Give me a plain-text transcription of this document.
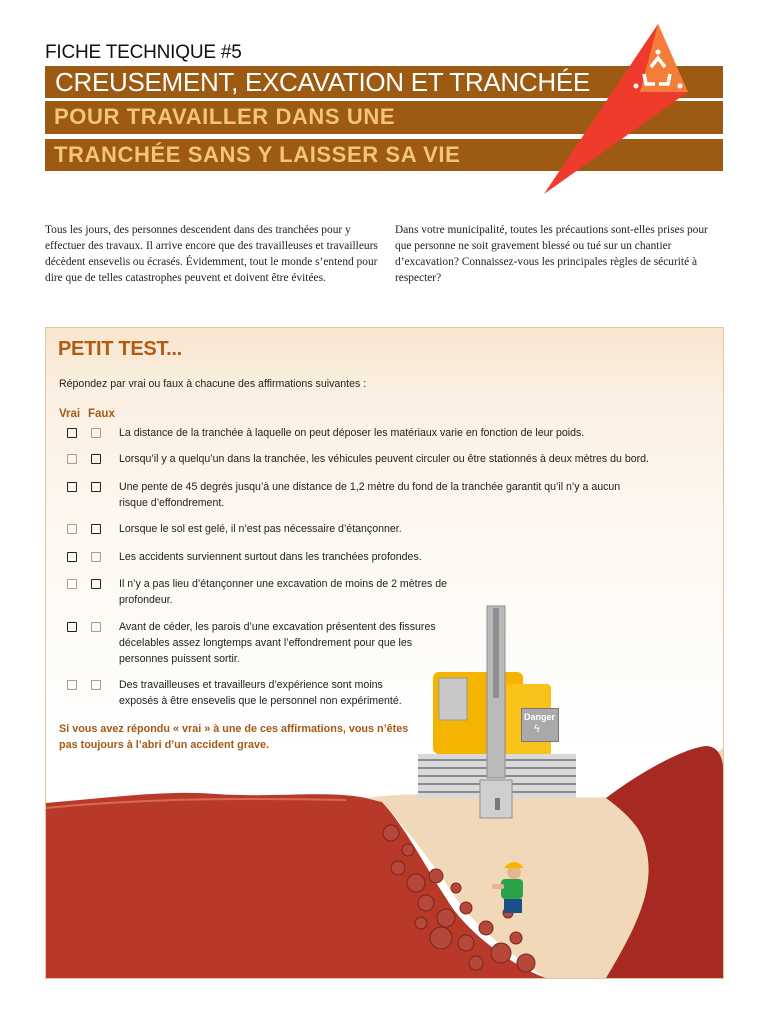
FICHE TECHNIQUE #5
CREUSEMENT, EXCAVATION ET TRANCHÉE
POUR TRAVAILLER DANS UNE
TRANCHÉE SANS Y LAISSER SA VIE
Tous les jours, des personnes descendent dans des tranchées pour y effectuer des travaux. Il arrive encore que des travailleuses et travailleurs décèdent ensevelis ou écrasés. Évidemment, tout le monde s’entend pour dire que de telles catastrophes peuvent et doivent être évitées.
Dans votre municipalité, toutes les précautions sont-elles prises pour que personne ne soit gravement blessé ou tué sur un chantier d’excavation? Connaissez-vous les principales règles de sécurité à respecter?
Danger
ϟ
PETIT TEST...
Répondez par vrai ou faux à chacune des affirmations suivantes :
Vrai Faux
La distance de la tranchée à laquelle on peut déposer les matériaux varie en fonction de leur poids.
Lorsqu’il y a quelqu’un dans la tranchée, les véhicules peuvent circuler ou être stationnés à deux mètres du bord.
Une pente de 45 degrés jusqu’à une distance de 1,2 mètre du fond de la tranchée garantit qu’il n’y a aucun risque d’effondrement.
Lorsque le sol est gelé, il n’est pas nécessaire d’étançonner.
Les accidents surviennent surtout dans les tranchées profondes.
Il n’y a pas lieu d’étançonner une excavation de moins de 2 mètres de profondeur.
Avant de céder, les parois d’une excavation présentent des fissures décelables assez longtemps avant l’effondrement pour que les personnes puissent sortir.
Des travailleuses et travailleurs d’expérience sont moins exposés à être ensevelis que le personnel non expérimenté.
Si vous avez répondu « vrai » à une de ces affirmations, vous n’êtes pas toujours à l’abri d’un accident grave.
